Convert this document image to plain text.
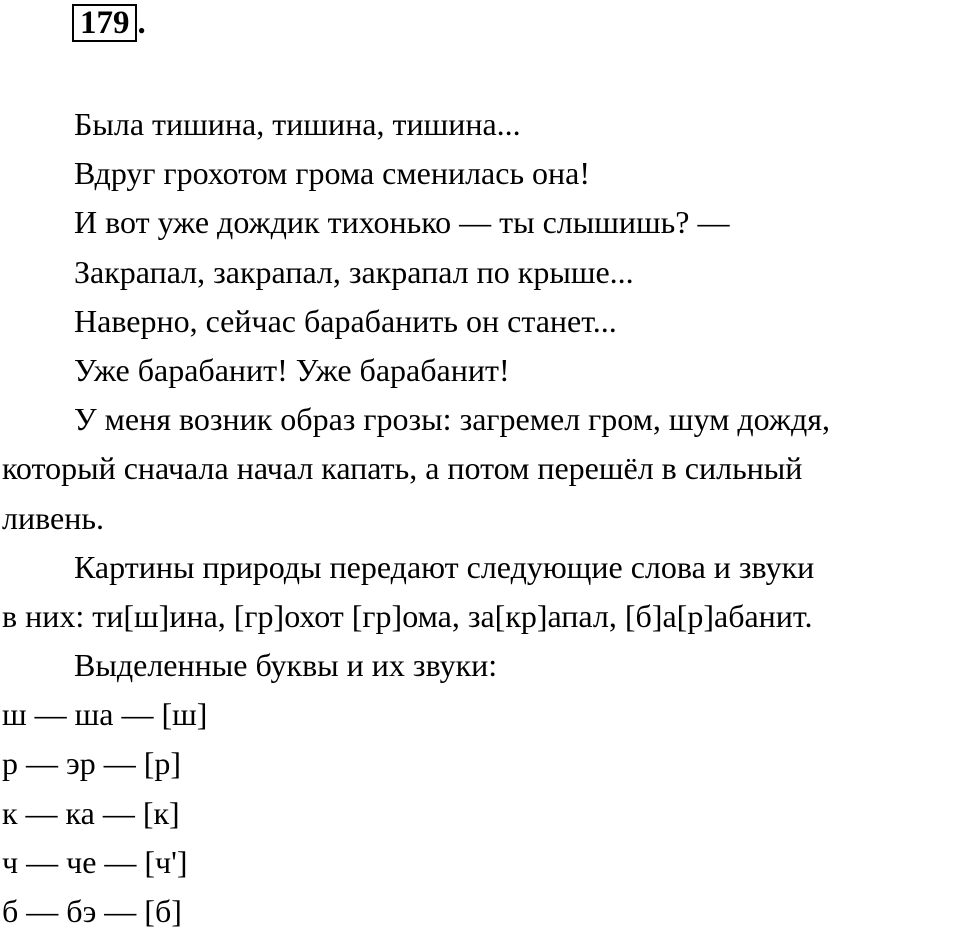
179 .
Была тишина, тишина, тишина...
Вдруг грохотом грома сменилась она!
И вот уже дождик тихонько — ты слышишь? —
Закрапал, закрапал, закрапал по крыше...
Наверно, сейчас барабанить он станет...
Уже барабанит! Уже барабанит!
У меня возник образ грозы: загремел гром, шум дождя,
который сначала начал капать, а потом перешёл в сильный
ливень.
Картины природы передают следующие слова и звуки
в них: ти[ш]ина, [гр]охот [гр]ома, за[кр]апал, [б]а[р]абанит.
Выделенные буквы и их звуки:
ш — ша — [ш]
р — эр — [р]
к — ка — [к]
ч — че — [ч']
б — бэ — [б]
